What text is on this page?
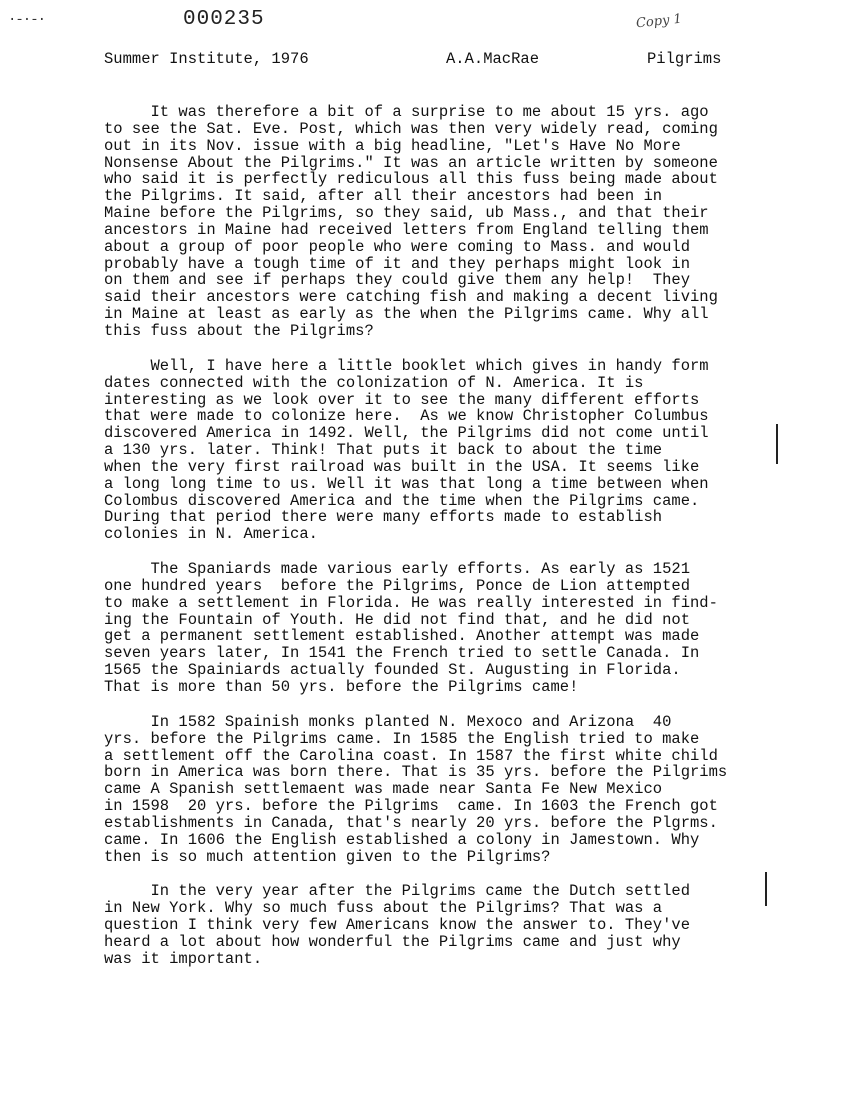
·-·-·	000235	Copy 1
Summer Institute, 1976	A.A.MacRae	Pilgrims

It was therefore a bit of a surprise to me about 15 yrs. ago
to see the Sat. Eve. Post, which was then very widely read, coming
out in its Nov. issue with a big headline, "Let's Have No More
Nonsense About the Pilgrims." It was an article written by someone
who said it is perfectly rediculous all this fuss being made about
the Pilgrims. It said, after all their ancestors had been in
Maine before the Pilgrims, so they said, ub Mass., and that their
ancestors in Maine had received letters from England telling them
about a group of poor people who were coming to Mass. and would
probably have a tough time of it and they perhaps might look in
on them and see if perhaps they could give them any help!  They
said their ancestors were catching fish and making a decent living
in Maine at least as early as the when the Pilgrims came. Why all
this fuss about the Pilgrims?

Well, I have here a little booklet which gives in handy form
dates connected with the colonization of N. America. It is
interesting as we look over it to see the many different efforts
that were made to colonize here.  As we know Christopher Columbus
discovered America in 1492. Well, the Pilgrims did not come until
a 130 yrs. later. Think! That puts it back to about the time
when the very first railroad was built in the USA. It seems like
a long long time to us. Well it was that long a time between when
Colombus discovered America and the time when the Pilgrims came.
During that period there were many efforts made to establish
colonies in N. America.

The Spaniards made various early efforts. As early as 1521
one hundred years  before the Pilgrims, Ponce de Lion attempted
to make a settlement in Florida. He was really interested in find-
ing the Fountain of Youth. He did not find that, and he did not
get a permanent settlement established. Another attempt was made
seven years later, In 1541 the French tried to settle Canada. In
1565 the Spainiards actually founded St. Augusting in Florida.
That is more than 50 yrs. before the Pilgrims came!

In 1582 Spainish monks planted N. Mexoco and Arizona  40
yrs. before the Pilgrims came. In 1585 the English tried to make
a settlement off the Carolina coast. In 1587 the first white child
born in America was born there. That is 35 yrs. before the Pilgrims
came A Spanish settlemaent was made near Santa Fe New Mexico
in 1598  20 yrs. before the Pilgrims  came. In 1603 the French got
establishments in Canada, that's nearly 20 yrs. before the Plgrms.
came. In 1606 the English established a colony in Jamestown. Why
then is so much attention given to the Pilgrims?

In the very year after the Pilgrims came the Dutch settled
in New York. Why so much fuss about the Pilgrims? That was a
question I think very few Americans know the answer to. They've
heard a lot about how wonderful the Pilgrims came and just why
was it important.
